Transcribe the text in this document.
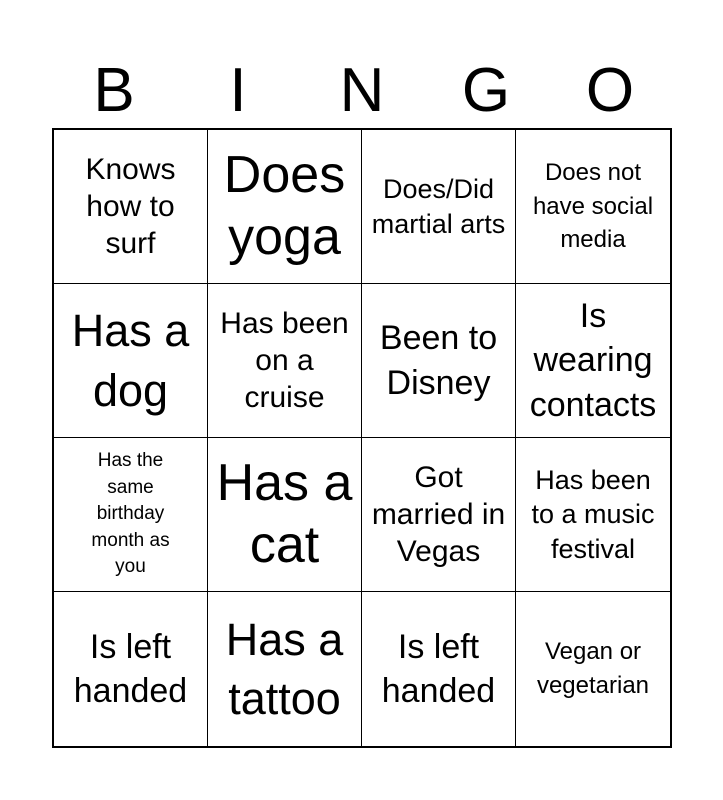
B	I	N	G	O
Knows how to surf
Does yoga
Does/Did martial arts
Does not have social media
Has a dog
Has been on a cruise
Been to Disney
Is wearing contacts
Has the same birthday month as you
Has a cat
Got married in Vegas
Has been to a music festival
Is left handed
Has a tattoo
Is left handed
Vegan or vegetarian
